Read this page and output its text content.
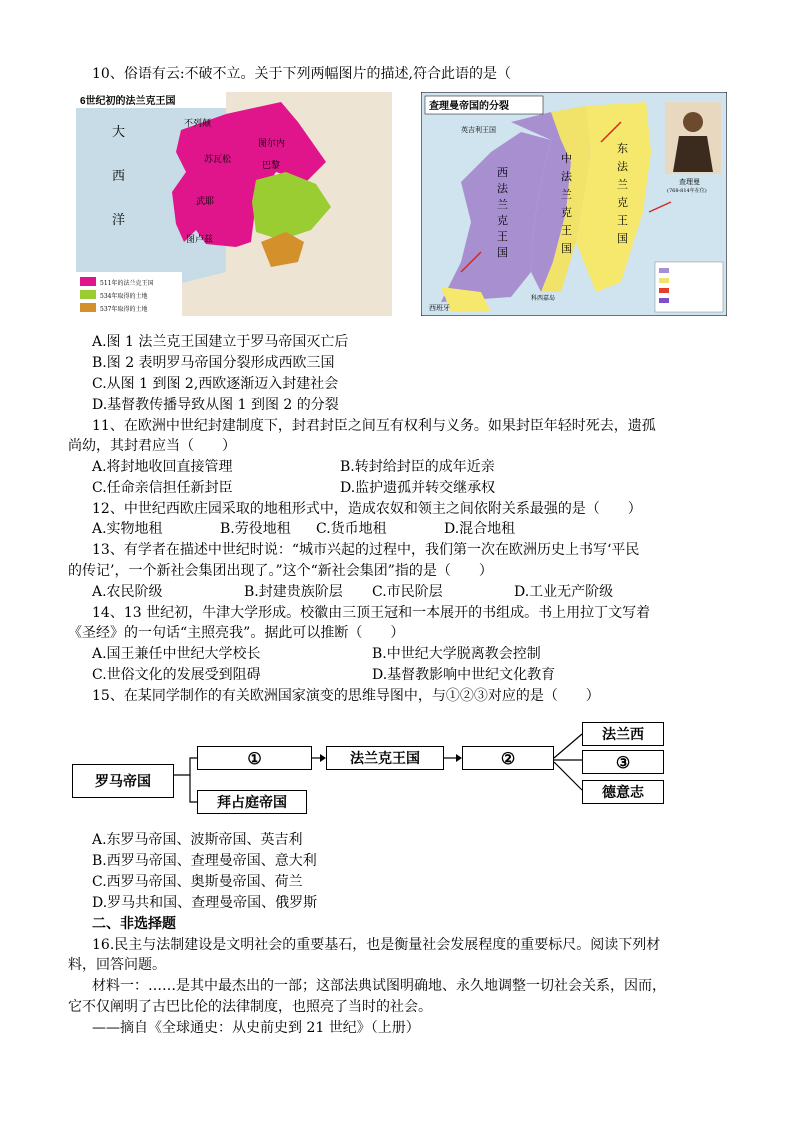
10、俗语有云:不破不立。关于下列两幅图片的描述,符合此语的是（
6世纪初的法兰克王国
大
西
洋
不列颠
图尔内
苏瓦松
巴黎
武耶
图卢兹
511年的法兰克王国
534年取得的土地
537年取得的土地
查理曼帝国的分裂
英吉利王国
西
法
兰
克
王
国
中
法
兰
克
王
国
东
法
兰
克
王
国
西班牙
科西嘉岛
查理曼
(768-814年在位)
A.图 1 法兰克王国建立于罗马帝国灭亡后
B.图 2 表明罗马帝国分裂形成西欧三国
C.从图 1 到图 2,西欧逐渐迈入封建社会
D.基督教传播导致从图 1 到图 2 的分裂
11、在欧洲中世纪封建制度下，封君封臣之间互有权利与义务。如果封臣年轻时死去，遗孤
尚幼，其封君应当（　　）
A.将封地收回直接管理	B.转封给封臣的成年近亲
C.任命亲信担任新封臣	D.监护遗孤并转交继承权
12、中世纪西欧庄园采取的地租形式中，造成农奴和领主之间依附关系最强的是（　　）
A.实物地租	B.劳役地租 C.货币地租	D.混合地租
13、有学者在描述中世纪时说：“城市兴起的过程中，我们第一次在欧洲历史上书写‘平民
的传记’，一个新社会集团出现了。”这个“新社会集团”指的是（　　）
A.农民阶级	B.封建贵族阶层 C.市民阶层	D.工业无产阶级
14、13 世纪初，牛津大学形成。校徽由三顶王冠和一本展开的书组成。书上用拉丁文写着
《圣经》的一句话“主照亮我”。据此可以推断（　　）
A.国王兼任中世纪大学校长	B.中世纪大学脱离教会控制
C.世俗文化的发展受到阻碍	D.基督教影响中世纪文化教育
15、在某同学制作的有关欧洲国家演变的思维导图中，与①②③对应的是（　　）
罗马帝国
①
拜占庭帝国
法兰克王国	②
法兰西
③
德意志
A.东罗马帝国、波斯帝国、英吉利
B.西罗马帝国、查理曼帝国、意大利
C.西罗马帝国、奥斯曼帝国、荷兰
D.罗马共和国、查理曼帝国、俄罗斯
二、非选择题
16.民主与法制建设是文明社会的重要基石，也是衡量社会发展程度的重要标尺。阅读下列材
料，回答问题。
材料一：……是其中最杰出的一部；这部法典试图明确地、永久地调整一切社会关系，因而，
它不仅阐明了古巴比伦的法律制度，也照亮了当时的社会。
——摘自《全球通史：从史前史到 21 世纪》（上册）
